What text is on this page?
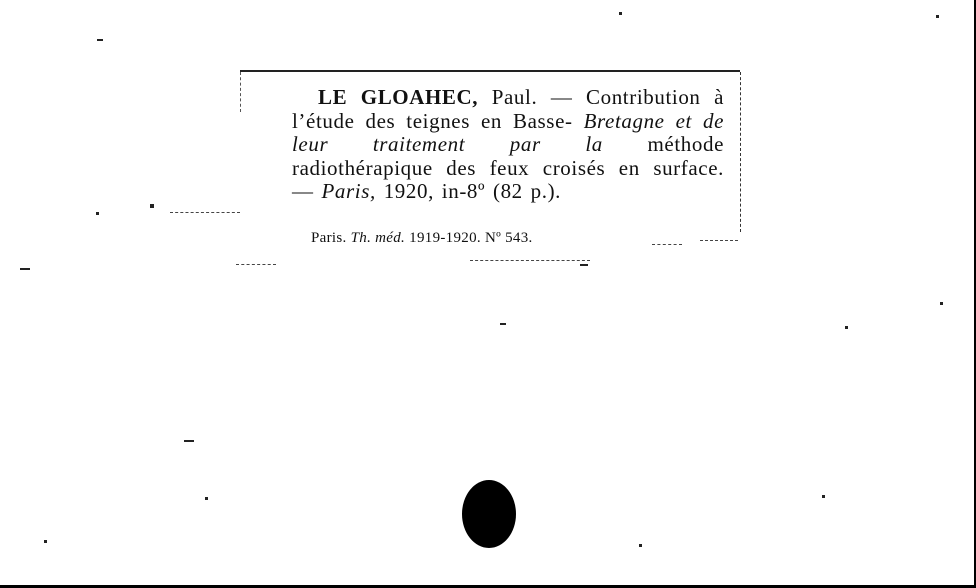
LE GLOAHEC, Paul. — Contribution à l’étude des teignes en Basse- Bretagne et de leur traitement par la méthode radiothérapique des feux croisés en surface. — Paris, 1920, in-8º (82 p.).
Paris. Th. méd. 1919-1920. Nº 543.
